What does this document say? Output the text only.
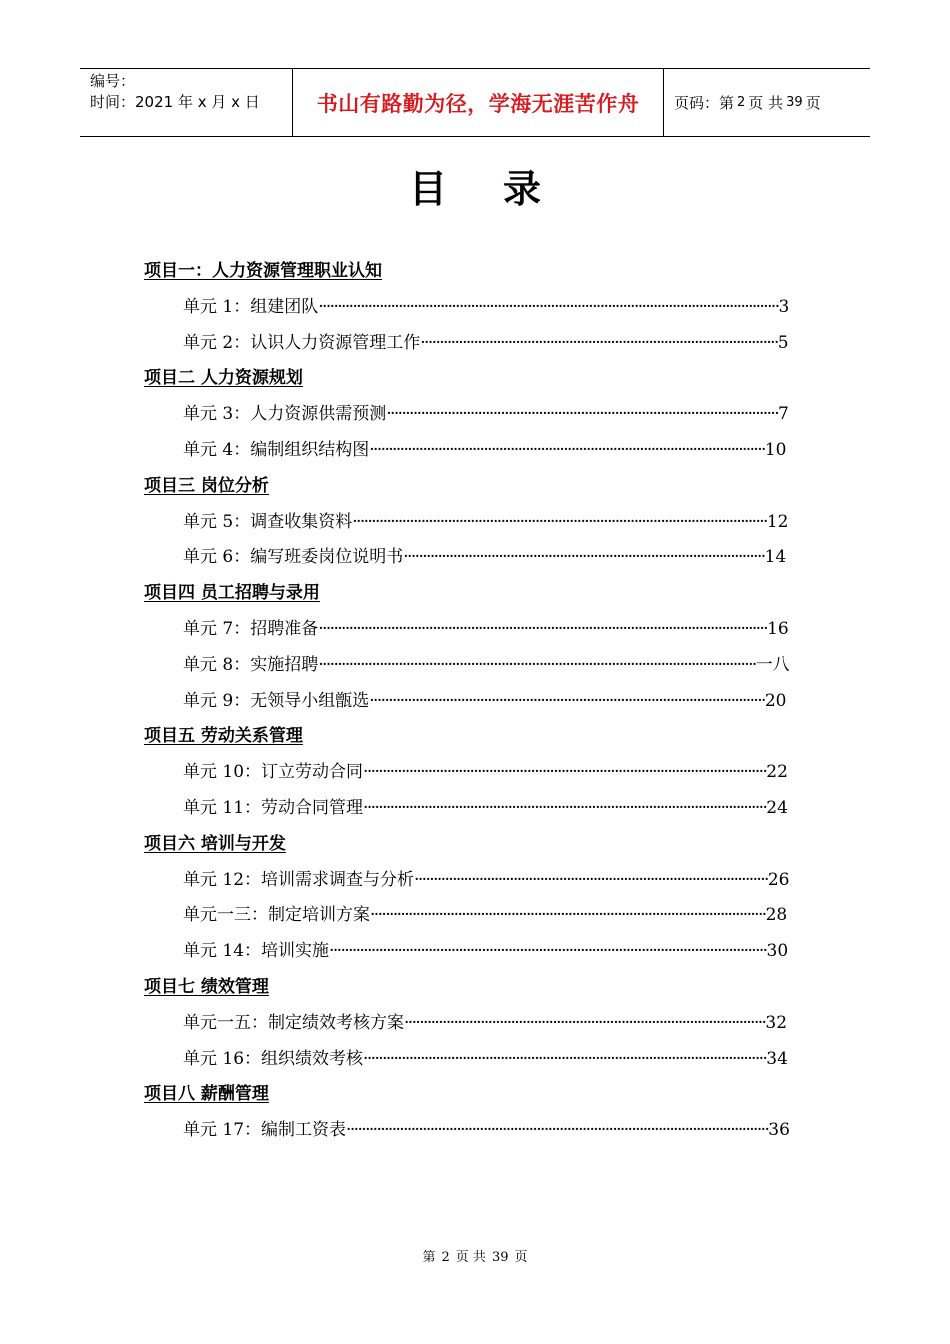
编号：
时间：2021 年 x 月 x 日	书山有路勤为径，学海无涯苦作舟	页码：第 2 页 共 39 页
目 录
项目一：人力资源管理职业认知
单元 1：组建团队·························································································································3
单元 2：认识人力资源管理工作······························································································5
项目二 人力资源规划
单元 3：人力资源供需预测·······································································································7
单元 4：编制组织结构图········································································································10
项目三 岗位分析
单元 5：调查收集资料·············································································································12
单元 6：编写班委岗位说明书·······························································································14
项目四 员工招聘与录用
单元 7：招聘准备······················································································································16
单元 8：实施招聘···················································································································一八
单元 9：无领导小组甑选········································································································20
项目五 劳动关系管理
单元 10：订立劳动合同··········································································································22
单元 11：劳动合同管理··········································································································24
项目六 培训与开发
单元 12：培训需求调查与分析·····························································································26
单元一三：制定培训方案········································································································28
单元 14：培训实施···················································································································30
项目七 绩效管理
单元一五：制定绩效考核方案·······························································································32
单元 16：组织绩效考核··········································································································34
项目八 薪酬管理
单元 17：编制工资表···············································································································36
第 2 页 共 39 页
